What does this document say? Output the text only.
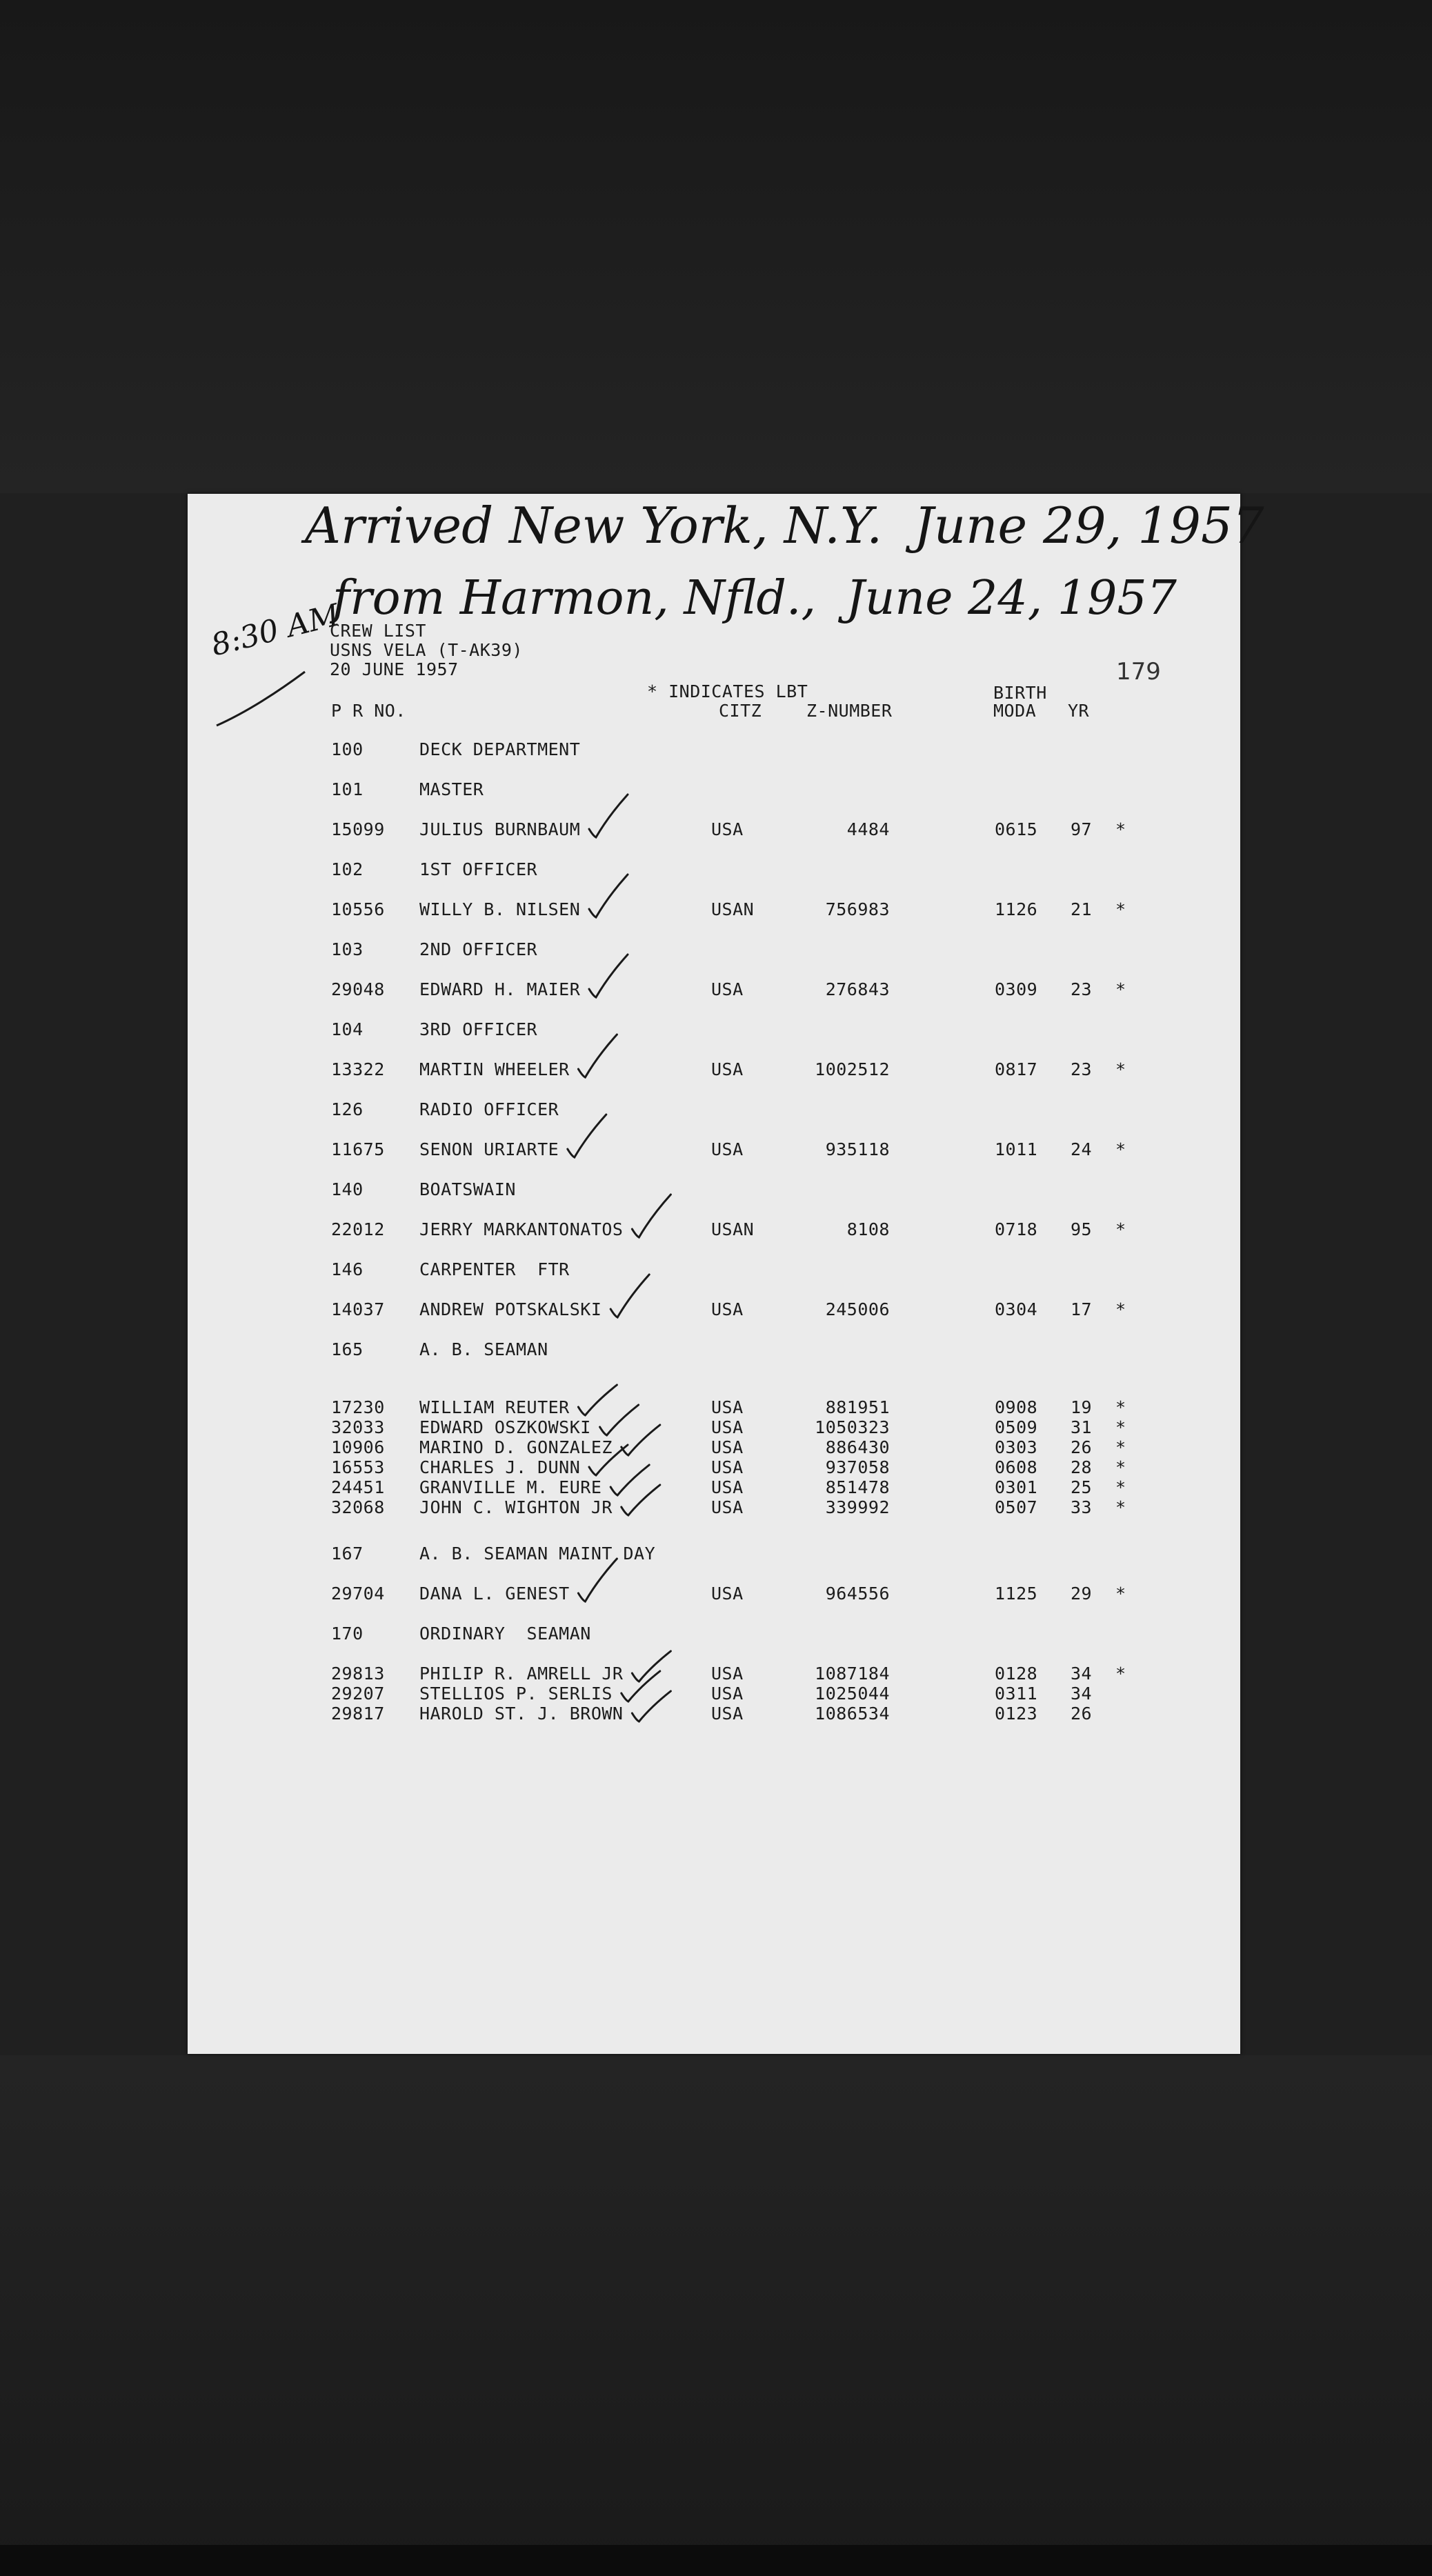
Arrived New York, N.Y.  June 29, 1957
from Harmon, Nfld.,  June 24, 1957
8:30 AM
179
CREW LIST
USNS VELA (T-AK39)
20 JUNE 1957
* INDICATES LBT	BIRTH
P R NO.	CITZ	Z-NUMBER	MODA YR
100	DECK DEPARTMENT
101	MASTER
15099 JULIUS BURNBAUM	USA	4484	0615 97 *
102	1ST OFFICER
10556 WILLY B. NILSEN	USAN	756983	1126 21 *
103	2ND OFFICER
29048 EDWARD H. MAIER	USA	276843	0309 23 *
104	3RD OFFICER
13322 MARTIN WHEELER	USA	1002512	0817 23 *
126	RADIO OFFICER
11675 SENON URIARTE	USA	935118	1011 24 *
140	BOATSWAIN
22012 JERRY MARKANTONATOS	USAN	8108	0718 95 *
146	CARPENTER  FTR
14037 ANDREW POTSKALSKI	USA	245006	0304 17 *
165	A. B. SEAMAN
17230 WILLIAM REUTER	USA	881951	0908 19 *
32033 EDWARD OSZKOWSKI	USA	1050323	0509 31 *
10906 MARINO D. GONZALEZ	USA	886430	0303 26 *
16553 CHARLES J. DUNN	USA	937058	0608 28 *
24451 GRANVILLE M. EURE	USA	851478	0301 25 *
32068 JOHN C. WIGHTON JR	USA	339992	0507 33 *
167	A. B. SEAMAN MAINT DAY
29704 DANA L. GENEST	USA	964556	1125 29 *
170	ORDINARY  SEAMAN
29813 PHILIP R. AMRELL JR	USA	1087184	0128 34 *
29207 STELLIOS P. SERLIS	USA	1025044	0311 34
29817 HAROLD ST. J. BROWN	USA	1086534	0123 26
